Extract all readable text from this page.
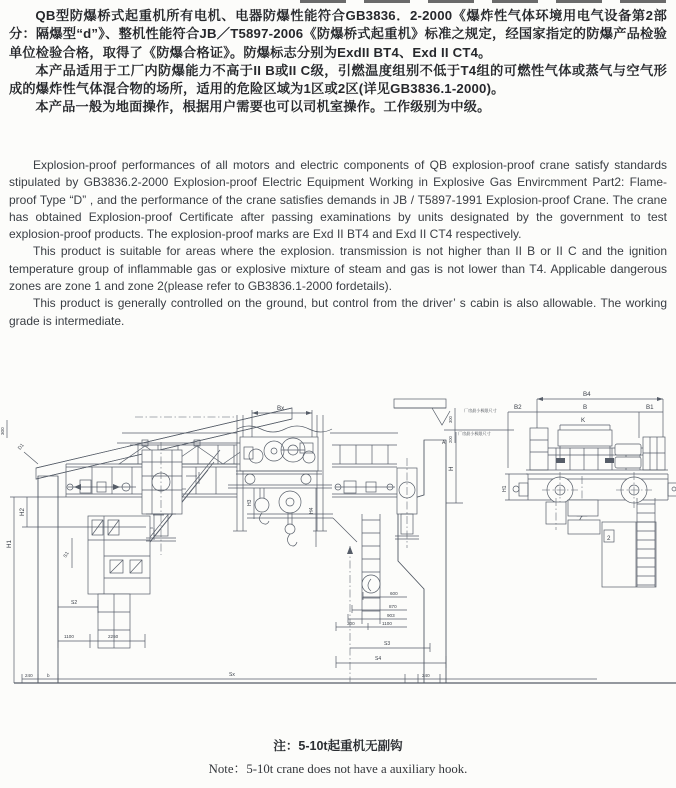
QB型防爆桥式起重机所有电机、电器防爆性能符合GB3836．2-2000《爆炸性气体环境用电气设备第2部分：隔爆型“d”》、整机性能符合JB／T5897-2006《防爆桥式起重机》标准之规定，经国家指定的防爆产品检验单位检验合格，取得了《防爆合格证》。防爆标志分别为ExdII BT4、Exd II CT4。

本产品适用于工厂内防爆能力不高于II B或II C级，引燃温度组别不低于T4组的可燃性气体或蒸气与空气形成的爆炸性气体混合物的场所，适用的危险区域为1区或2区(详见GB3836.1-2000)。

本产品一般为地面操作，根据用户需要也可以司机室操作。工作级别为中级。

Explosion-proof performances of all motors and electric components of QB explosion-proof crane satisfy standards stipulated by GB3836.2-2000 Explosion-proof Electric Equipment Working in Explosive Gas Envircmment Part2: Flame-proof Type “D” , and the performance of the crane satisfies demands in JB / T5897-1991 Explosion-proof Crane. The crane has obtained Explosion-proof Certificate after passing examinations by units designated by the government to test explosion-proof products. The explosion-proof marks are Exd II BT4 and Exd II CT4 respectively.

This product is suitable for areas where the explosion. transmission is not higher than II B or II C and the ignition temperature group of inflammable gas or explosive mixture of steam and gas is not lower than T4. Applicable dangerous zones are zone 1 and zone 2(please refer to GB3836.1-2000 fordetails).

This product is generally controlled on the ground, but control from the driver’ s cabin is also allowable. The working grade is intermediate.

Bx
H3
H4
300
D1
H1
H2
S1
S2
1100	2250
240	b	Sx
300
200
厂房最小极限尺寸
厂房最小极限尺寸
A
H
600
870
903
300	1100
S3
S4
240
B4
B2	B	B1
K
H1
2
注：5-10t起重机无副钩
Note：5-10t crane does not have a auxiliary hook.
